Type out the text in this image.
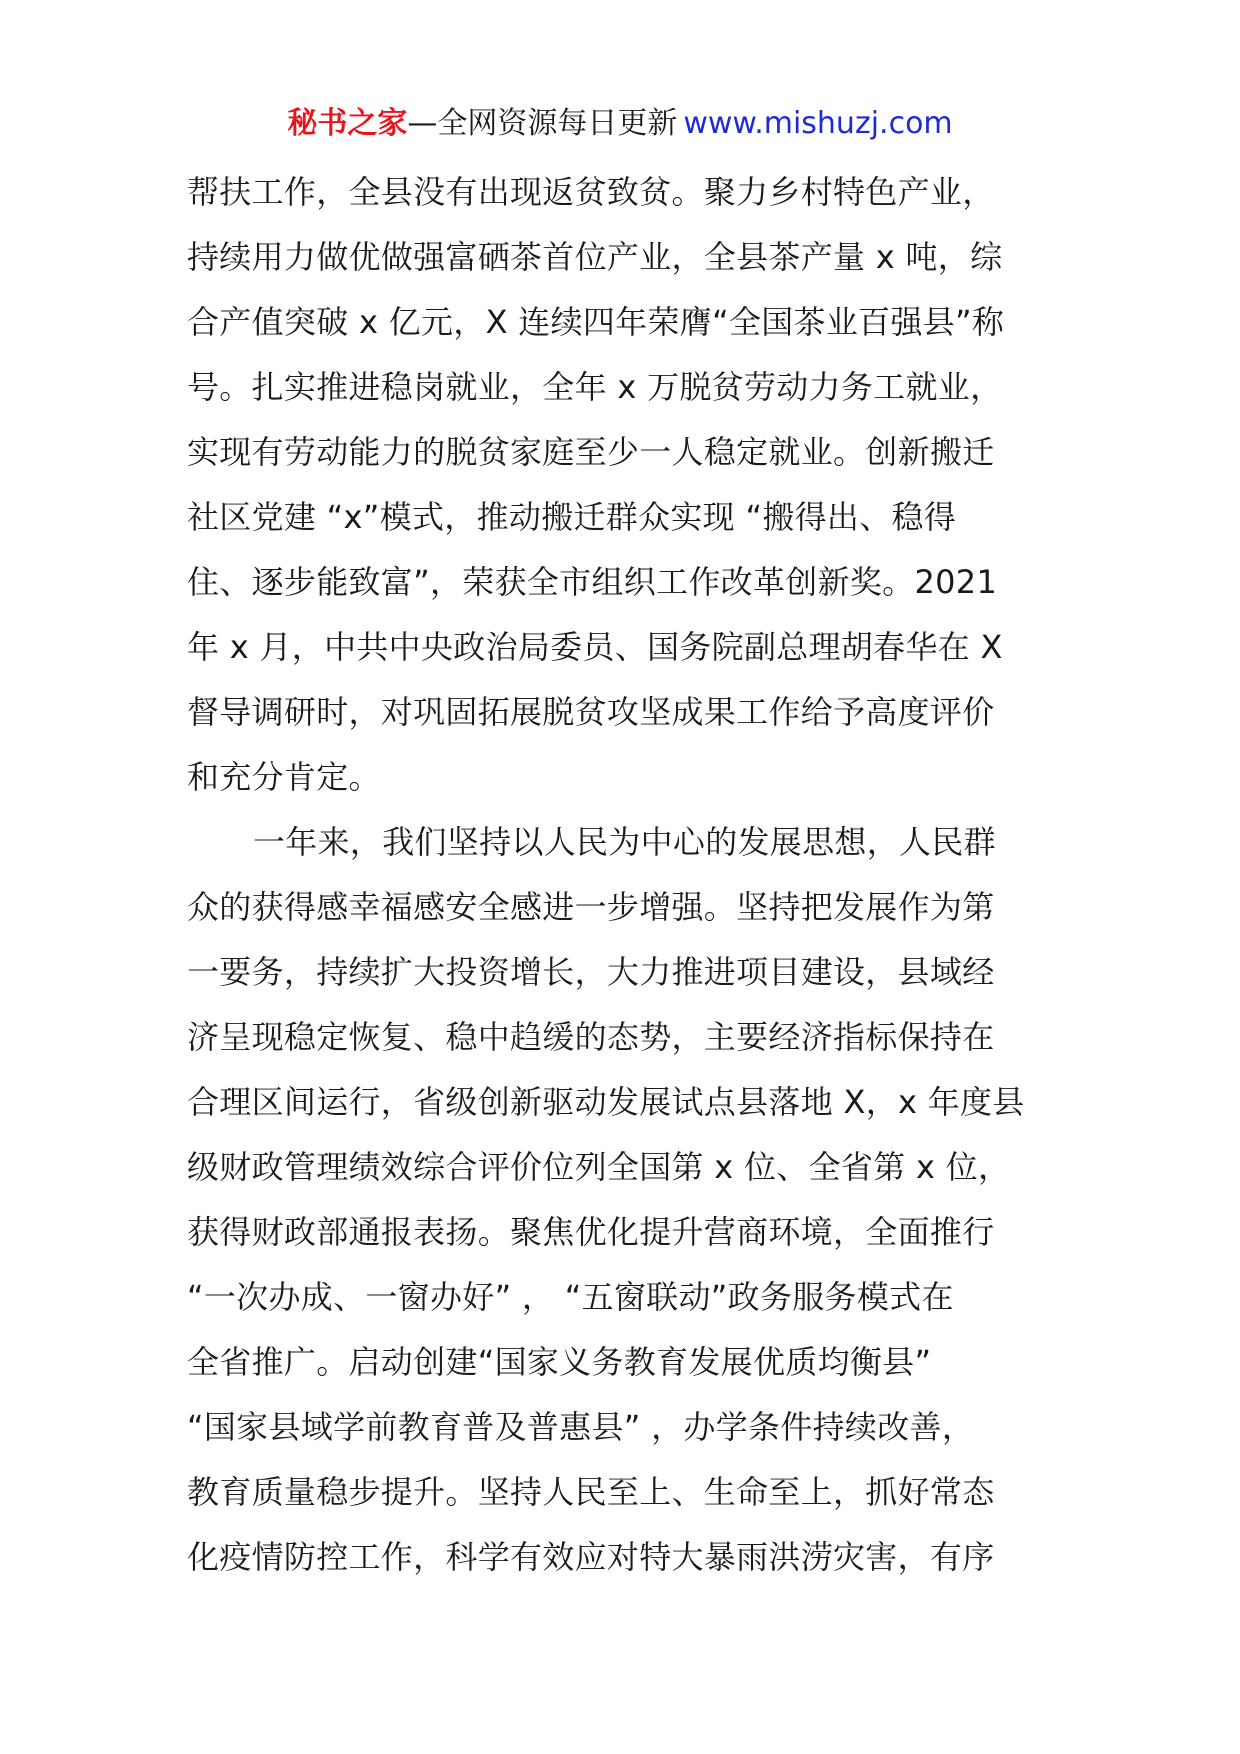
秘书之家—全网资源每日更新 www.mishuzj.com
帮扶工作，全县没有出现返贫致贫。聚力乡村特色产业，
持续用力做优做强富硒茶首位产业，全县茶产量 x 吨，综
合产值突破 x 亿元，X 连续四年荣膺“全国茶业百强县”称
号。扎实推进稳岗就业，全年 x 万脱贫劳动力务工就业，
实现有劳动能力的脱贫家庭至少一人稳定就业。创新搬迁
社区党建 “x”模式，推动搬迁群众实现 “搬得出、稳得
住、逐步能致富”，荣获全市组织工作改革创新奖。2021
年 x 月，中共中央政治局委员、国务院副总理胡春华在 X
督导调研时，对巩固拓展脱贫攻坚成果工作给予高度评价
和充分肯定。
一年来，我们坚持以人民为中心的发展思想，人民群
众的获得感幸福感安全感进一步增强。坚持把发展作为第
一要务，持续扩大投资增长，大力推进项目建设，县域经
济呈现稳定恢复、稳中趋缓的态势，主要经济指标保持在
合理区间运行，省级创新驱动发展试点县落地 X，x 年度县
级财政管理绩效综合评价位列全国第 x 位、全省第 x 位，
获得财政部通报表扬。聚焦优化提升营商环境，全面推行
“一次办成、一窗办好” ， “五窗联动”政务服务模式在
全省推广。启动创建“国家义务教育发展优质均衡县”
“国家县域学前教育普及普惠县” ，办学条件持续改善，
教育质量稳步提升。坚持人民至上、生命至上，抓好常态
化疫情防控工作，科学有效应对特大暴雨洪涝灾害，有序
